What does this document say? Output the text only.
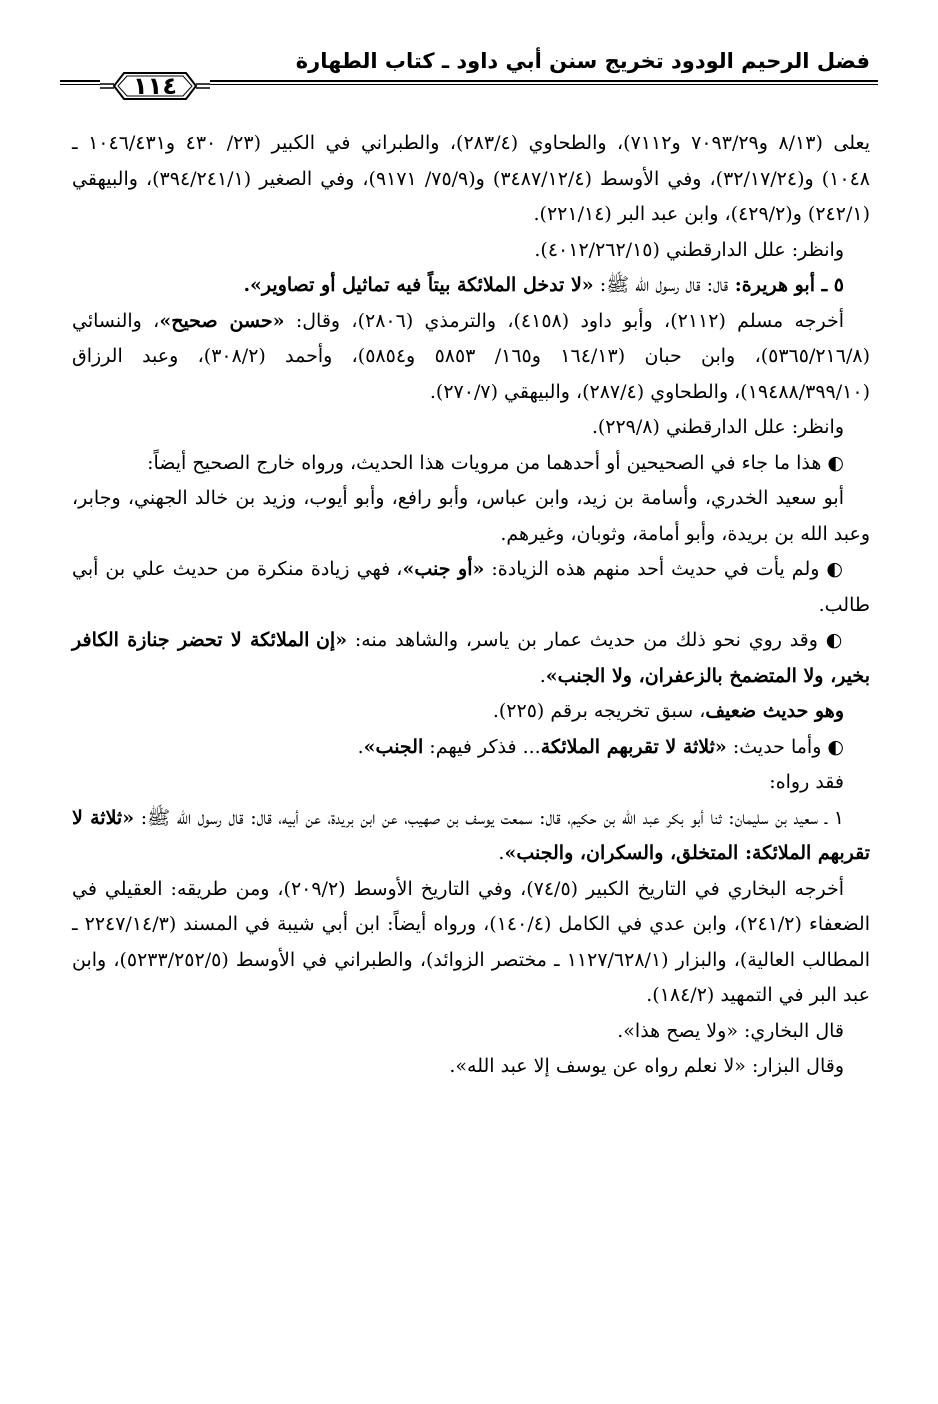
فضل الرحيم الودود تخريج سنن أبي داود ـ كتاب الطهارة
١١٤

يعلى (٨/١٣ و٧٠٩٣/٢٩ و٧١١٢)، والطحاوي (٢٨٣/٤)، والطبراني في الكبير (٢٣/ ٤٣٠ و١٠٤٦/٤٣١ ـ ١٠٤٨) و(٣٢/١٧/٢٤)، وفي الأوسط (٣٤٨٧/١٢/٤) و(٧٥/٩/ ٩١٧١)، وفي الصغير (٣٩٤/٢٤١/١)، والبيهقي (٢٤٢/١) و(٤٢٩/٢)، وابن عبد البر (٢٢١/١٤).

وانظر: علل الدارقطني (٤٠١٢/٢٦٢/١٥).

٥ ـ أبو هريرة: قال: قال رسول الله ﷺ: «لا تدخل الملائكة بيتاً فيه تماثيل أو تصاوير».

أخرجه مسلم (٢١١٢)، وأبو داود (٤١٥٨)، والترمذي (٢٨٠٦)، وقال: «حسن صحيح»، والنسائي (٥٣٦٥/٢١٦/٨)، وابن حبان (١٦٤/١٣ و١٦٥/ ٥٨٥٣ و٥٨٥٤)، وأحمد (٣٠٨/٢)، وعبد الرزاق (١٩٤٨٨/٣٩٩/١٠)، والطحاوي (٢٨٧/٤)، والبيهقي (٢٧٠/٧).

وانظر: علل الدارقطني (٢٢٩/٨).

◐ هذا ما جاء في الصحيحين أو أحدهما من مرويات هذا الحديث، ورواه خارج الصحيح أيضاً:

أبو سعيد الخدري، وأسامة بن زيد، وابن عباس، وأبو رافع، وأبو أيوب، وزيد بن خالد الجهني، وجابر، وعبد الله بن بريدة، وأبو أمامة، وثوبان، وغيرهم.

◐ ولم يأت في حديث أحد منهم هذه الزيادة: «أو جنب»، فهي زيادة منكرة من حديث علي بن أبي طالب.

◐ وقد روي نحو ذلك من حديث عمار بن ياسر، والشاهد منه: «إن الملائكة لا تحضر جنازة الكافر بخير، ولا المتضمخ بالزعفران، ولا الجنب».

وهو حديث ضعيف، سبق تخريجه برقم (٢٢٥).

◐ وأما حديث: «ثلاثة لا تقربهم الملائكة... فذكر فيهم: الجنب».

فقد رواه:

١ ـ سعيد بن سليمان: ثنا أبو بكر عبد الله بن حكيم، قال: سمعت يوسف بن صهيب، عن ابن بريدة، عن أبيه، قال: قال رسول الله ﷺ: «ثلاثة لا تقربهم الملائكة: المتخلق، والسكران، والجنب».

أخرجه البخاري في التاريخ الكبير (٧٤/٥)، وفي التاريخ الأوسط (٢٠٩/٢)، ومن طريقه: العقيلي في الضعفاء (٢٤١/٢)، وابن عدي في الكامل (١٤٠/٤)، ورواه أيضاً: ابن أبي شيبة في المسند (٢٢٤٧/١٤/٣ ـ المطالب العالية)، والبزار (١١٢٧/٦٢٨/١ ـ مختصر الزوائد)، والطبراني في الأوسط (٥٢٣٣/٢٥٢/٥)، وابن عبد البر في التمهيد (١٨٤/٢).

قال البخاري: «ولا يصح هذا».

وقال البزار: «لا نعلم رواه عن يوسف إلا عبد الله».
